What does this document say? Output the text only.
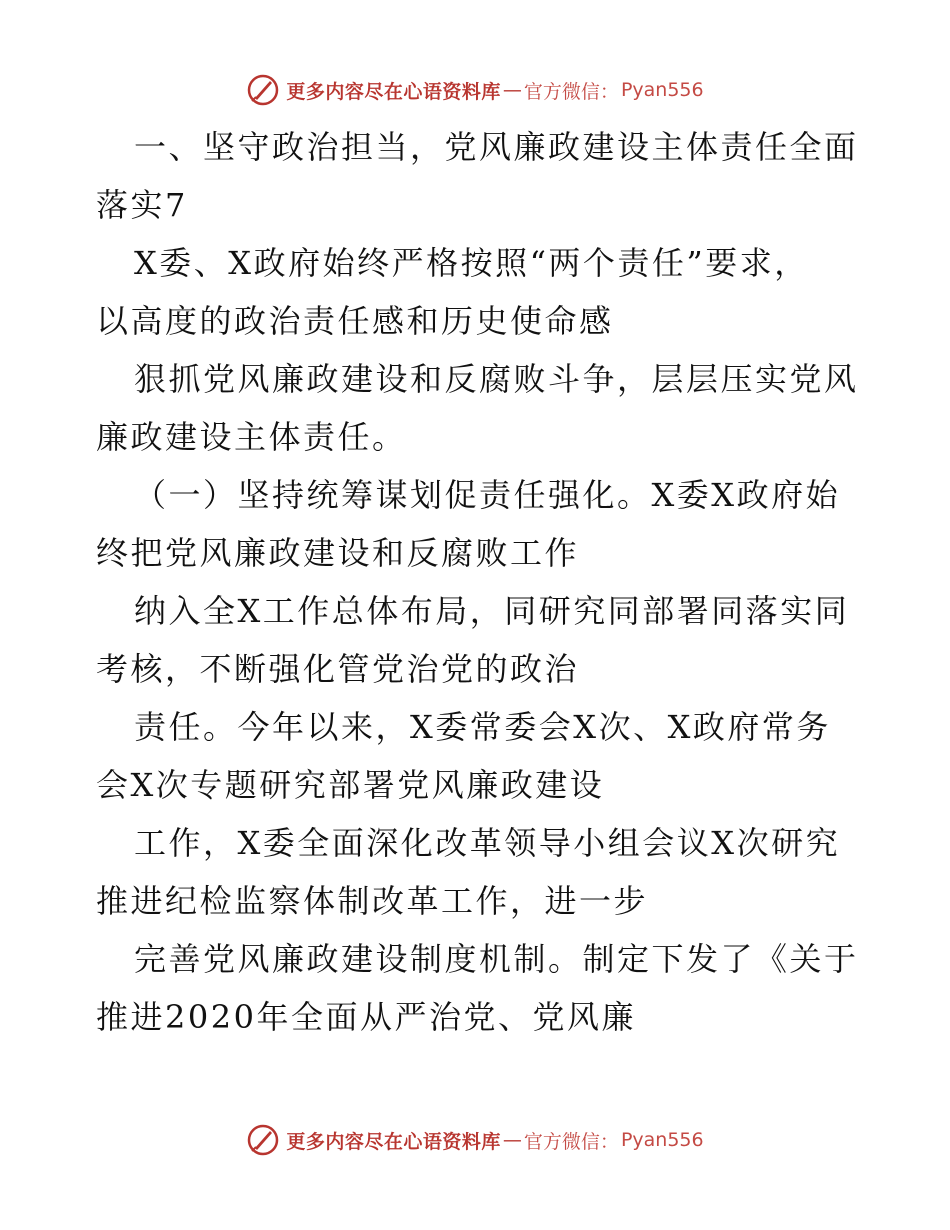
更多内容尽在心语资料库 — 官方微信： Pyan556

一、坚守政治担当，党风廉政建设主体责任全面

落实7

X委、X政府始终严格按照“两个责任”要求，

以高度的政治责任感和历史使命感

狠抓党风廉政建设和反腐败斗争，层层压实党风

廉政建设主体责任。

（一）坚持统筹谋划促责任强化。X委X政府始

终把党风廉政建设和反腐败工作

纳入全X工作总体布局，同研究同部署同落实同

考核，不断强化管党治党的政治

责任。今年以来，X委常委会X次、X政府常务

会X次专题研究部署党风廉政建设

工作，X委全面深化改革领导小组会议X次研究

推进纪检监察体制改革工作，进一步

完善党风廉政建设制度机制。制定下发了《关于

推进2020年全面从严治党、党风廉

更多内容尽在心语资料库 — 官方微信： Pyan556
